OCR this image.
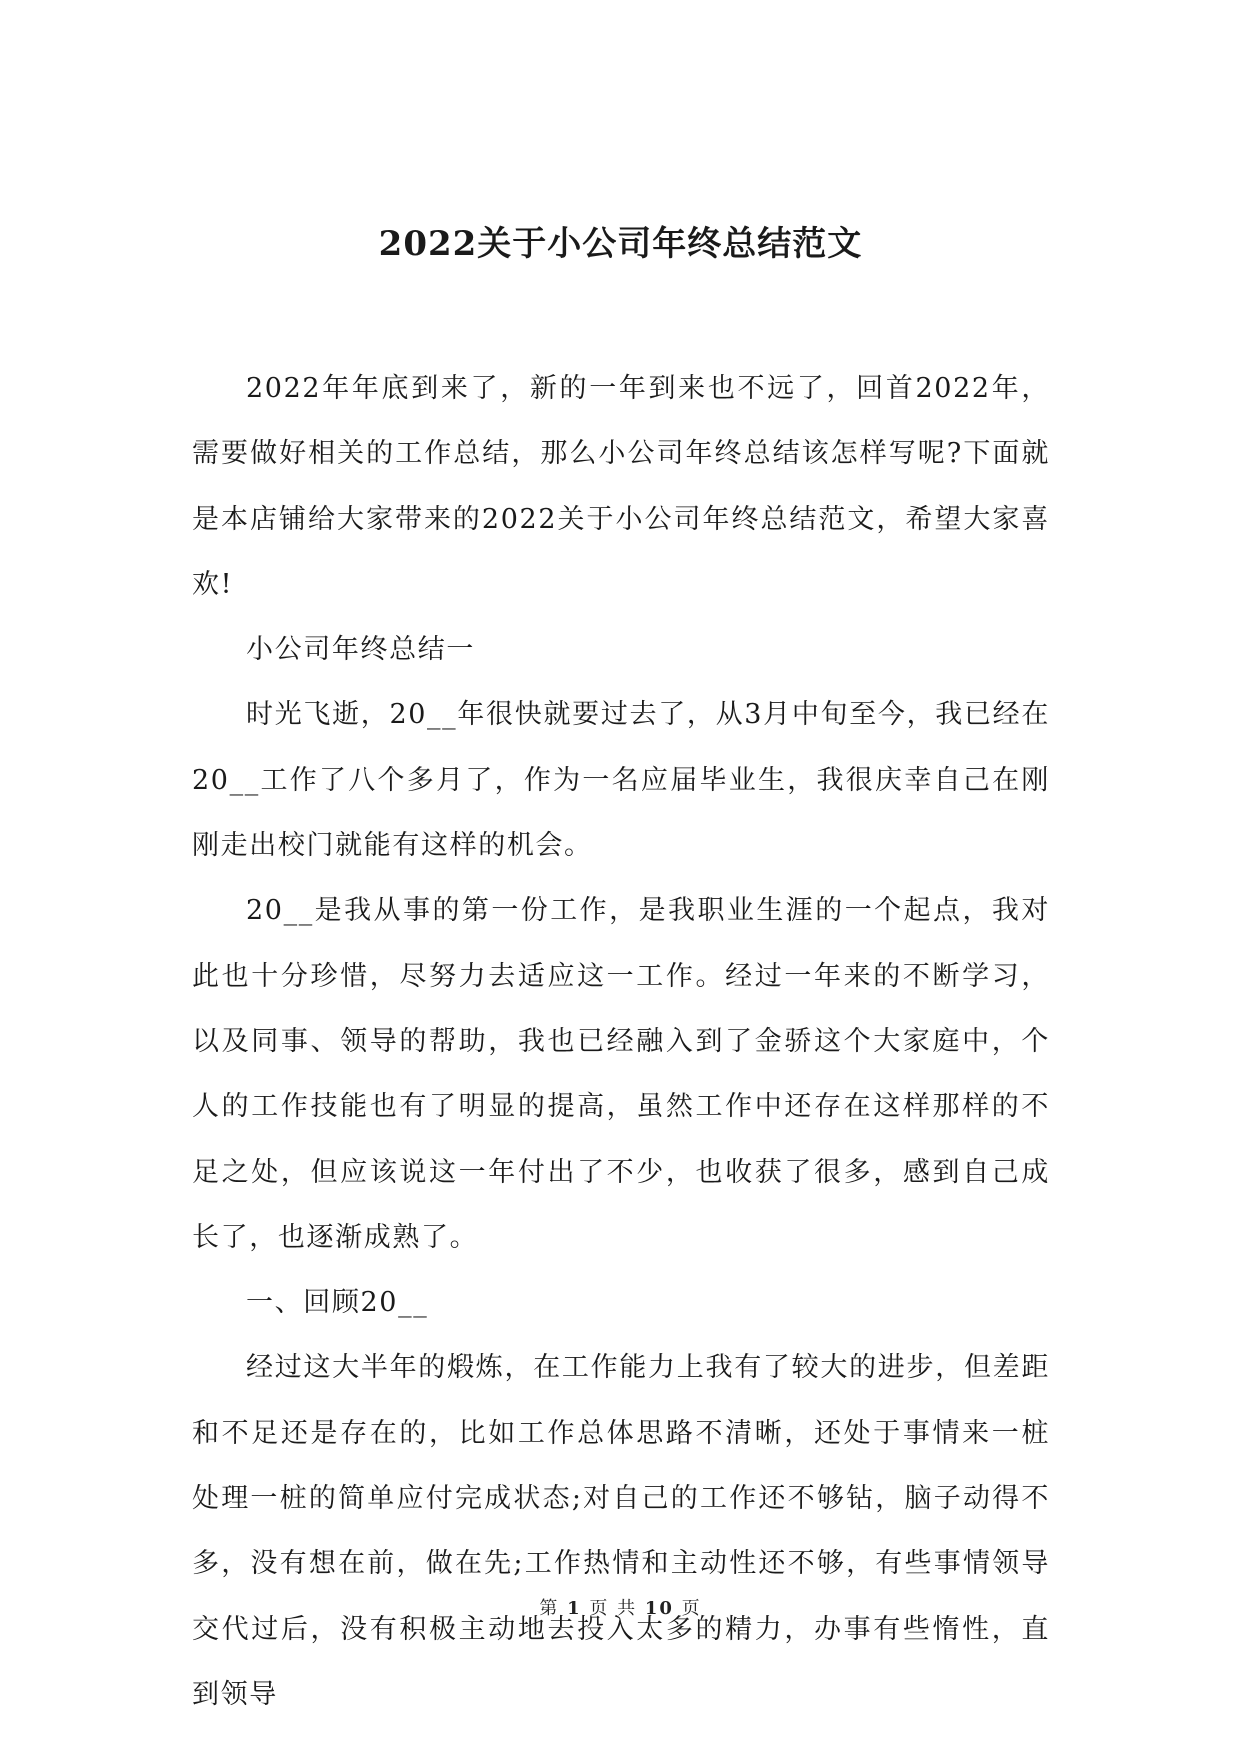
2022关于小公司年终总结范文

2022年年底到来了，新的一年到来也不远了，回首2022年，需要做好相关的工作总结，那么小公司年终总结该怎样写呢?下面就是本店铺给大家带来的2022关于小公司年终总结范文，希望大家喜欢!

小公司年终总结一

时光飞逝，20__年很快就要过去了，从3月中旬至今，我已经在20__工作了八个多月了，作为一名应届毕业生，我很庆幸自己在刚刚走出校门就能有这样的机会。

20__是我从事的第一份工作，是我职业生涯的一个起点，我对此也十分珍惜，尽努力去适应这一工作。经过一年来的不断学习，以及同事、领导的帮助，我也已经融入到了金骄这个大家庭中，个人的工作技能也有了明显的提高，虽然工作中还存在这样那样的不足之处，但应该说这一年付出了不少，也收获了很多，感到自己成长了，也逐渐成熟了。

一、回顾20__

经过这大半年的煅炼，在工作能力上我有了较大的进步，但差距和不足还是存在的，比如工作总体思路不清晰，还处于事情来一桩处理一桩的简单应付完成状态;对自己的工作还不够钻，脑子动得不多，没有想在前，做在先;工作热情和主动性还不够，有些事情领导交代过后，没有积极主动地去投入太多的精力，办事有些惰性，直到领导

第 1 页 共 10 页
